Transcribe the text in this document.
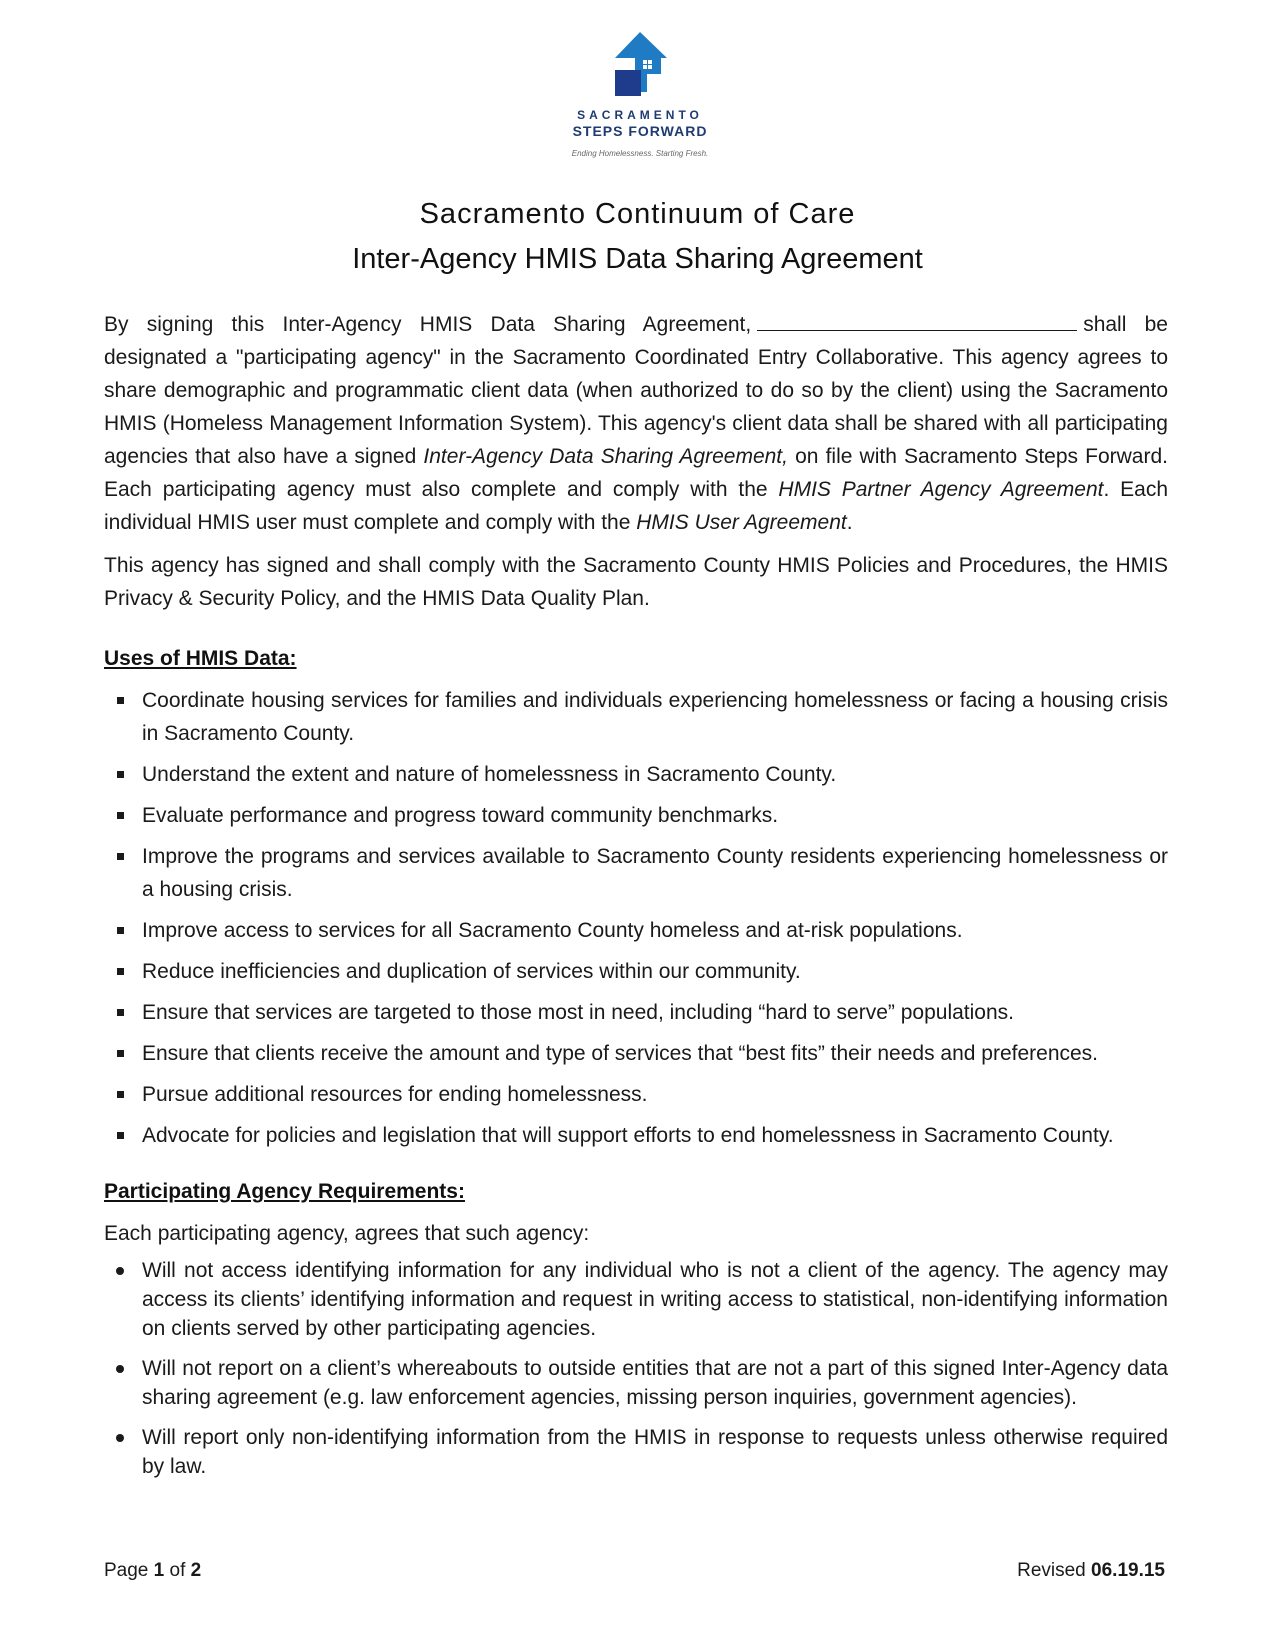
SACRAMENTO
STEPS FORWARD
Ending Homelessness. Starting Fresh.
Sacramento Continuum of Care
Inter-Agency HMIS Data Sharing Agreement

By signing this Inter-Agency HMIS Data Sharing Agreement,	shall be designated a "participating agency" in the Sacramento Coordinated Entry Collaborative. This agency agrees to share demographic and programmatic client data (when authorized to do so by the client) using the Sacramento HMIS (Homeless Management Information System). This agency's client data shall be shared with all participating agencies that also have a signed Inter-Agency Data Sharing Agreement, on file with Sacramento Steps Forward. Each participating agency must also complete and comply with the HMIS Partner Agency Agreement. Each individual HMIS user must complete and comply with the HMIS User Agreement.

This agency has signed and shall comply with the Sacramento County HMIS Policies and Procedures, the HMIS Privacy & Security Policy, and the HMIS Data Quality Plan.

Uses of HMIS Data:
Coordinate housing services for families and individuals experiencing homelessness or facing a housing crisis in Sacramento County.
Understand the extent and nature of homelessness in Sacramento County.
Evaluate performance and progress toward community benchmarks.
Improve the programs and services available to Sacramento County residents experiencing homelessness or a housing crisis.
Improve access to services for all Sacramento County homeless and at-risk populations.
Reduce inefficiencies and duplication of services within our community.
Ensure that services are targeted to those most in need, including “hard to serve” populations.
Ensure that clients receive the amount and type of services that “best fits” their needs and preferences.
Pursue additional resources for ending homelessness.
Advocate for policies and legislation that will support efforts to end homelessness in Sacramento County.
Participating Agency Requirements:

Each participating agency, agrees that such agency:

Will not access identifying information for any individual who is not a client of the agency. The agency may access its clients’ identifying information and request in writing access to statistical, non-identifying information on clients served by other participating agencies.
Will not report on a client’s whereabouts to outside entities that are not a part of this signed Inter-Agency data sharing agreement (e.g. law enforcement agencies, missing person inquiries, government agencies).
Will report only non-identifying information from the HMIS in response to requests unless otherwise required by law.
Page 1 of 2	Revised 06.19.15
